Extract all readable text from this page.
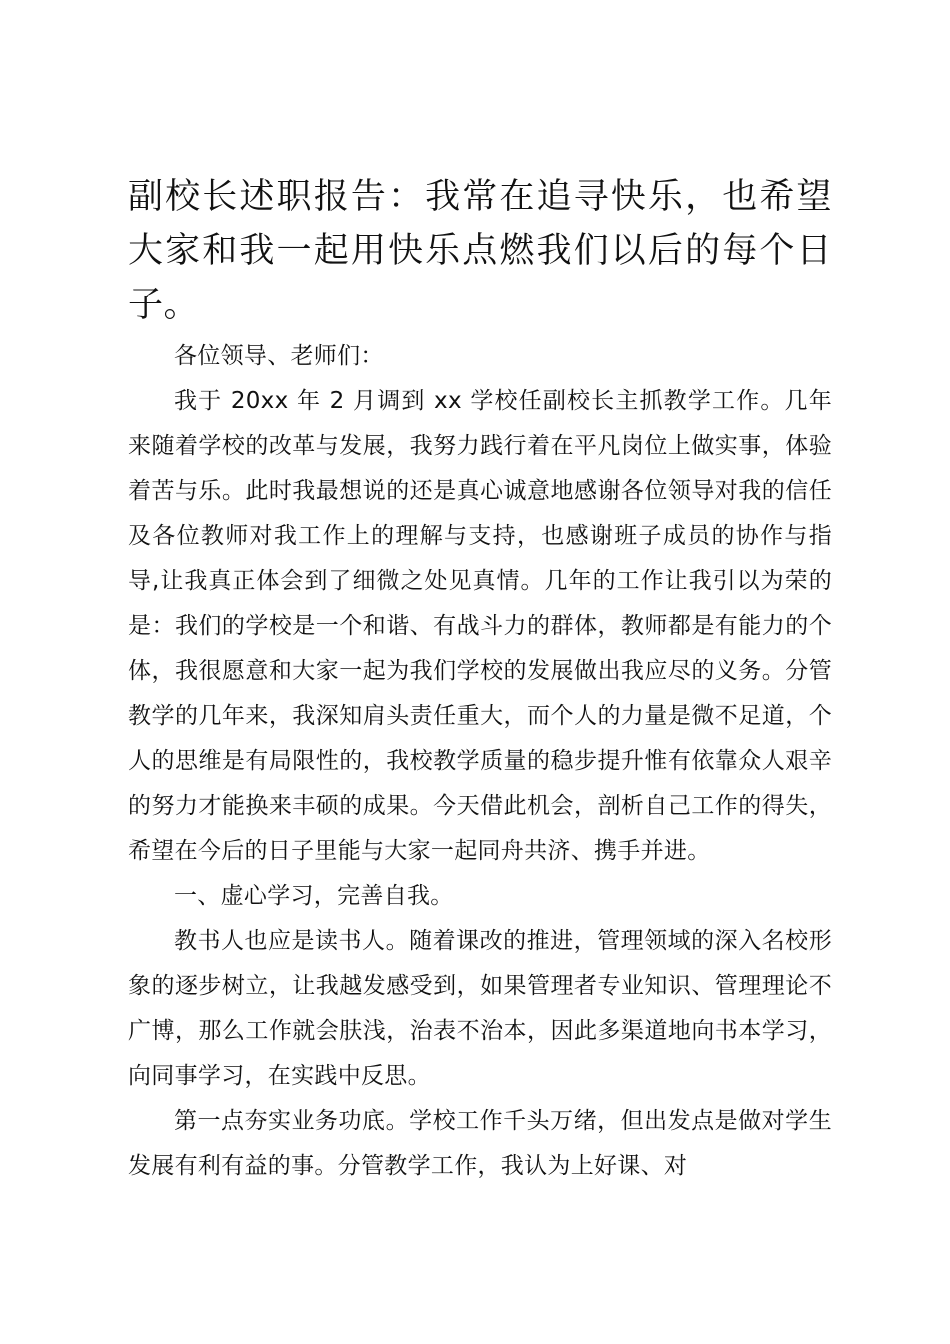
副校长述职报告：我常在追寻快乐，也希望大家和我一起用快乐点燃我们以后的每个日子。

各位领导、老师们：

我于 20xx 年 2 月调到 xx 学校任副校长主抓教学工作。几年来随着学校的改革与发展，我努力践行着在平凡岗位上做实事，体验着苦与乐。此时我最想说的还是真心诚意地感谢各位领导对我的信任及各位教师对我工作上的理解与支持，也感谢班子成员的协作与指导,让我真正体会到了细微之处见真情。几年的工作让我引以为荣的是：我们的学校是一个和谐、有战斗力的群体，教师都是有能力的个体，我很愿意和大家一起为我们学校的发展做出我应尽的义务。分管教学的几年来，我深知肩头责任重大，而个人的力量是微不足道，个人的思维是有局限性的，我校教学质量的稳步提升惟有依靠众人艰辛的努力才能换来丰硕的成果。今天借此机会，剖析自己工作的得失，希望在今后的日子里能与大家一起同舟共济、携手并进。

一、虚心学习，完善自我。

教书人也应是读书人。随着课改的推进，管理领域的深入名校形象的逐步树立，让我越发感受到，如果管理者专业知识、管理理论不广博，那么工作就会肤浅，治表不治本，因此多渠道地向书本学习，向同事学习，在实践中反思。

第一点夯实业务功底。学校工作千头万绪，但出发点是做对学生发展有利有益的事。分管教学工作，我认为上好课、对
